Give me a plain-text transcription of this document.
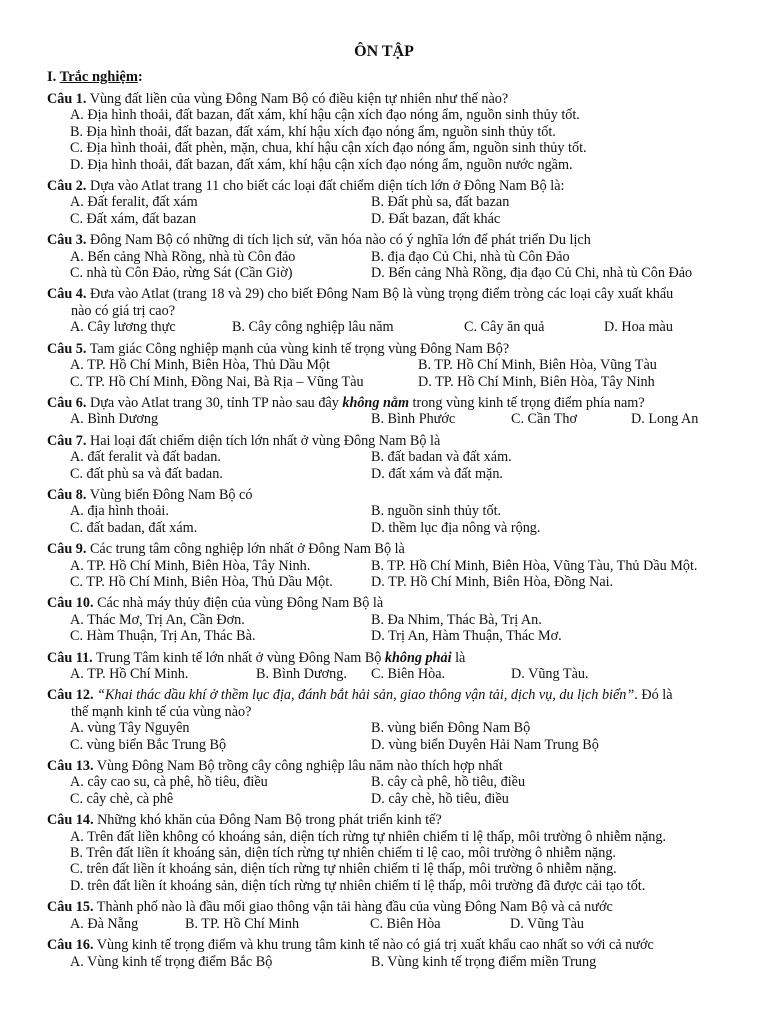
ÔN TẬP
I. Trắc nghiệm:
Câu 1. Vùng đất liền của vùng Đông Nam Bộ có điều kiện tự nhiên như thế nào?
A. Địa hình thoải, đất bazan, đất xám, khí hậu cận xích đạo nóng ẩm, nguồn sinh thủy tốt.
B. Địa hình thoải, đất bazan, đất xám, khí hậu xích đạo nóng ẩm, nguồn sinh thủy tốt.
C. Địa hình thoải, đất phèn, mặn, chua, khí hậu cận xích đạo nóng ẩm, nguồn sinh thủy tốt.
D. Địa hình thoải, đất bazan, đất xám, khí hậu cận xích đạo nóng ẩm, nguồn nước ngầm.
Câu 2. Dựa vào Atlat trang 11 cho biết các loại đất chiếm diện tích lớn ở Đông Nam Bộ là:
A. Đất feralit, đất xám	B. Đất phù sa, đất bazan
C. Đất xám, đất bazan	D. Đất bazan, đất khác
Câu 3. Đông Nam Bộ có những di tích lịch sử, văn hóa nào có ý nghĩa lớn để phát triển Du lịch
A. Bến cảng Nhà Rồng, nhà tù Côn đảo	B. địa đạo Củ Chi, nhà tù Côn Đảo
C. nhà tù Côn Đảo, rừng Sát (Cần Giờ)	D. Bến cảng Nhà Rồng, địa đạo Củ Chi, nhà tù Côn Đảo
Câu 4. Đưa vào Atlat (trang 18 và 29) cho biết Đông Nam Bộ là vùng trọng điểm tròng các loại cây xuất khẩu
nào có giá trị cao?
A. Cây lương thực	B. Cây công nghiệp lâu năm	C. Cây ăn quả	D. Hoa màu
Câu 5. Tam giác Công nghiệp mạnh của vùng kinh tế trọng vùng Đông Nam Bộ?
A. TP. Hồ Chí Minh, Biên Hòa, Thủ Dầu Một	B. TP. Hồ Chí Minh, Biên Hòa, Vũng Tàu
C. TP. Hồ Chí Minh, Đồng Nai, Bà Rịa – Vũng Tàu	D. TP. Hồ Chí Minh, Biên Hòa, Tây Ninh
Câu 6. Dựa vào Atlat trang 30, tỉnh TP nào sau đây không nằm trong vùng kinh tế trọng điểm phía nam?
A. Bình Dương	B. Bình Phước	C. Cần Thơ	D. Long An
Câu 7. Hai loại đất chiếm diện tích lớn nhất ở vùng Đông Nam Bộ là
A. đất feralit và đất badan.	B. đất badan và đất xám.
C. đất phù sa và đất badan.	D. đất xám và đất mặn.
Câu 8. Vùng biển Đông Nam Bộ có
A. địa hình thoải.	B. nguồn sinh thủy tốt.
C. đất badan, đất xám.	D. thềm lục địa nông và rộng.
Câu 9. Các trung tâm công nghiệp lớn nhất ở Đông Nam Bộ là
A. TP. Hồ Chí Minh, Biên Hòa, Tây Ninh.	B. TP. Hồ Chí Minh, Biên Hòa, Vũng Tàu, Thủ Dầu Một.
C. TP. Hồ Chí Minh, Biên Hòa, Thủ Dầu Một.	D. TP. Hồ Chí Minh, Biên Hòa, Đồng Nai.
Câu 10. Các nhà máy thủy điện của vùng Đông Nam Bộ là
A. Thác Mơ, Trị An, Cần Đơn.	B. Đa Nhim, Thác Bà, Trị An.
C. Hàm Thuận, Trị An, Thác Bà.	D. Trị An, Hàm Thuận, Thác Mơ.
Câu 11. Trung Tâm kinh tế lớn nhất ở vùng Đông Nam Bộ không phải là
A. TP. Hồ Chí Minh.	B. Bình Dương.	C. Biên Hòa.	D. Vũng Tàu.
Câu 12. “Khai thác dầu khí ở thềm lục địa, đánh bắt hải sản, giao thông vận tải, dịch vụ, du lịch biển”. Đó là
thế mạnh kinh tế của vùng nào?
A. vùng Tây Nguyên	B. vùng biển Đông Nam Bộ
C. vùng biển Bắc Trung Bộ	D. vùng biển Duyên Hải Nam Trung Bộ
Câu 13. Vùng Đông Nam Bộ trồng cây công nghiệp lâu năm nào thích hợp nhất
A. cây cao su, cà phê, hồ tiêu, điều	B. cây cà phê, hồ tiêu, điều
C. cây chè, cà phê	D. cây chè, hồ tiêu, điều
Câu 14. Những khó khăn của Đông Nam Bộ trong phát triển kinh tế?
A. Trên đất liền không có khoáng sản, diện tích rừng tự nhiên chiếm tỉ lệ thấp, môi trường ô nhiễm nặng.
B. Trên đất liền ít khoáng sản, diện tích rừng tự nhiên chiếm tỉ lệ cao, môi trường ô nhiễm nặng.
C. trên đất liền ít khoáng sản, diện tích rừng tự nhiên chiếm tỉ lệ thấp, môi trường ô nhiễm nặng.
D. trên đất liền ít khoáng sản, diện tích rừng tự nhiên chiếm tỉ lệ thấp, môi trường đã được cải tạo tốt.
Câu 15. Thành phố nào là đầu mối giao thông vận tải hàng đầu của vùng Đông Nam Bộ và cả nước
A. Đà Nẵng	B. TP. Hồ Chí Minh	C. Biên Hòa	D. Vũng Tàu
Câu 16. Vùng kinh tế trọng điểm và khu trung tâm kinh tế nào có giá trị xuất khẩu cao nhất so với cả nước
A. Vùng kinh tế trọng điểm Bắc Bộ	B. Vùng kinh tế trọng điểm miền Trung
